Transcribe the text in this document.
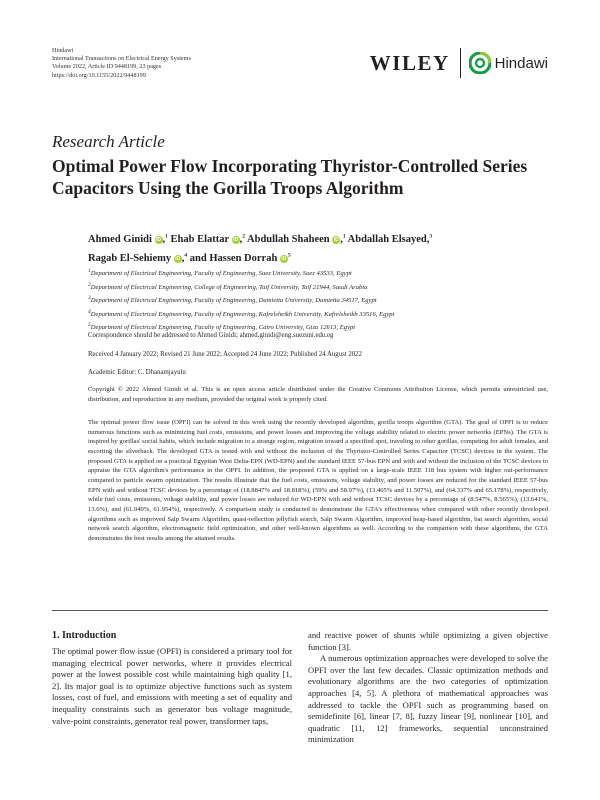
Hindawi
International Transactions on Electrical Energy Systems
Volume 2022, Article ID 9448199, 23 pages
https://doi.org/10.1155/2022/9448199
WILEY	Hindawi
Research Article
Optimal Power Flow Incorporating Thyristor-Controlled Series Capacitors Using the Gorilla Troops Algorithm
Ahmed Ginidi iD ,$^1$ Ehab Elattar iD ,$^2$ Abdullah Shaheen iD ,$^1$ Abdallah Elsayed,$^3$
Ragab El-Sehiemy iD ,$^4$ and Hassen Dorrah $iD^5$
$^1$Department of Electrical Engineering, Faculty of Engineering, Suez University, Suez 43533, Egypt
$^2$Department of Electrical Engineering, College of Engineering, Taif University, Taif 21944, Saudi Arabia
$^3$Department of Electrical Engineering, Faculty of Engineering, Damietta University, Damietta 34517, Egypt
$^4$Department of Electrical Engineering, Faculty of Engineering, Kafrelsheikh University, Kafrelsheikh 33516, Egypt
$^5$Department of Electrical Engineering, Faculty of Engineering, Cairo University, Giza 12613, Egypt
Correspondence should be addressed to Ahmed Ginidi; ahmed.ginidi@eng.suezuni.edu.eg
Received 4 January 2022; Revised 21 June 2022; Accepted 24 June 2022; Published 24 August 2022
Academic Editor: C. Dhanamjayulu
Copyright © 2022 Ahmed Ginidi et al. This is an open access article distributed under the Creative Commons Attribution License, which permits unrestricted use, distribution, and reproduction in any medium, provided the original work is properly cited.
The optimal power flow issue (OPFI) can be solved in this work using the recently developed algorithm, gorilla troops algorithm (GTA). The goal of OPFI is to reduce numerous functions such as minimizing fuel costs, emissions, and power losses and improving the voltage stability related to electric power networks (EPNs). The GTA is inspired by gorillas' social habits, which include migration to a strange region, migration toward a specified spot, traveling to other gorillas, competing for adult females, and escorting the silverback. The developed GTA is tested with and without the inclusion of the Thyristor-Controlled Series Capacitor (TCSC) devices in the system. The proposed GTA is applied on a practical Egyptian West Delta-EPN (WD-EPN) and the standard IEEE 57-bus EPN and with and without the inclusion of the TCSC devices to appraise the GTA algorithm's performance in the OPFI. In addition, the proposed GTA is applied on a large-scale IEEE 118 bus system with higher out-performance compared to particle swarm optimization. The results illustrate that the fuel costs, emissions, voltage stability, and power losses are reduced for the standard IEEE 57-bus EPN with and without TCSC devices by a percentage of (18.8847% and 18.818%), (59% and 58.97%), (13.405% and 11.507%), and (64.337% and 65.178%), respectively, while fuel costs, emissions, voltage stability, and power losses are reduced for WD-EPN with and without TCSC devices by a percentage of (8.547%, 8.565%), (13.641%, 13.6%), and (61.949%, 61.954%), respectively. A comparison study is conducted to demonstrate the GTA's effectiveness when compared with other recently developed algorithms such as improved Salp Swarm Algorithm, quasi-reflection jellyfish search, Salp Swarm Algorithm, improved heap-based algorithm, bat search algorithm, social network search algorithm, electromagnetic field optimization, and other well-known algorithms as well. According to the comparison with these algorithms, the GTA demonstrates the best results among the attained results.
1. Introduction

The optimal power flow issue (OPFI) is considered a primary tool for managing electrical power networks, where it provides electrical power at the lowest possible cost while maintaining high quality [1, 2]. Its major goal is to optimize objective functions such as system losses, cost of fuel, and emissions with meeting a set of equality and inequality constraints such as generator bus voltage magnitude, valve-point constraints, generator real power, transformer taps,

and reactive power of shunts while optimizing a given objective function [3].

A numerous optimization approaches were developed to solve the OPFI over the last few decades. Classic optimization methods and evolutionary algorithms are the two categories of optimization approaches [4, 5]. A plethora of mathematical approaches was addressed to tackle the OPFI such as programming based on semidefinite [6], linear [7, 8], fuzzy linear [9], nonlinear [10], and quadratic [11, 12] frameworks, sequential unconstrained minimization
